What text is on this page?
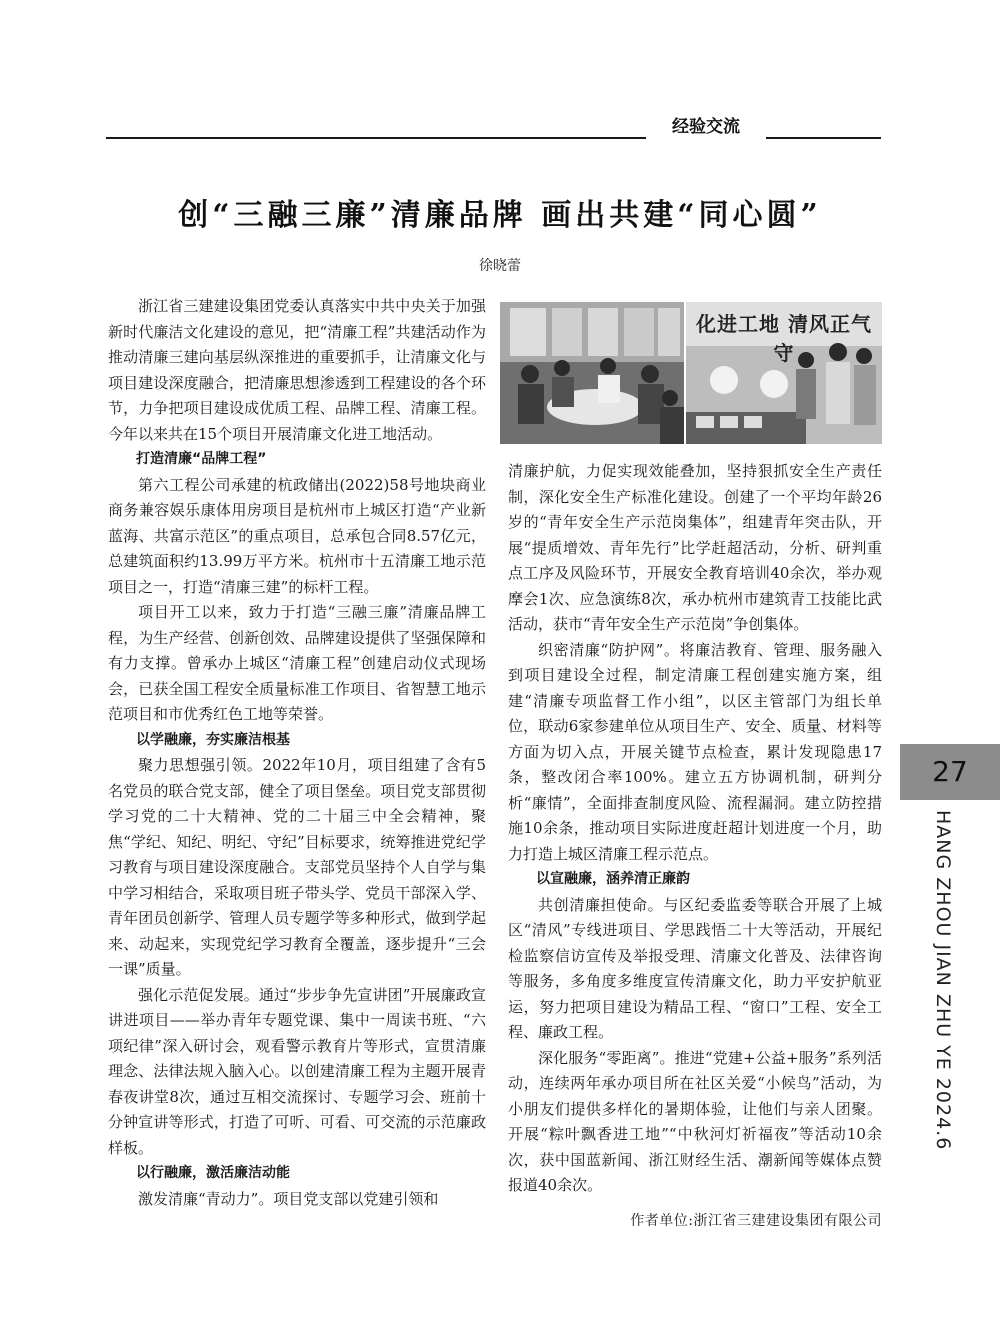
经验交流
创“三融三廉”清廉品牌 画出共建“同心圆”
徐晓蕾

浙江省三建建设集团党委认真落实中共中央关于加强新时代廉洁文化建设的意见，把“清廉工程”共建活动作为推动清廉三建向基层纵深推进的重要抓手，让清廉文化与项目建设深度融合，把清廉思想渗透到工程建设的各个环节，力争把项目建设成优质工程、品牌工程、清廉工程。今年以来共在15个项目开展清廉文化进工地活动。

打造清廉“品牌工程”

第六工程公司承建的杭政储出(2022)58号地块商业商务兼容娱乐康体用房项目是杭州市上城区打造“产业新蓝海、共富示范区”的重点项目，总承包合同8.57亿元，总建筑面积约13.99万平方米。杭州市十五清廉工地示范项目之一，打造“清廉三建”的标杆工程。

项目开工以来，致力于打造“三融三廉”清廉品牌工程，为生产经营、创新创效、品牌建设提供了坚强保障和有力支撑。曾承办上城区“清廉工程”创建启动仪式现场会，已获全国工程安全质量标准工作项目、省智慧工地示范项目和市优秀红色工地等荣誉。

以学融廉，夯实廉洁根基

聚力思想强引领。2022年10月，项目组建了含有5名党员的联合党支部，健全了项目堡垒。项目党支部贯彻学习党的二十大精神、党的二十届三中全会精神，聚焦“学纪、知纪、明纪、守纪”目标要求，统筹推进党纪学习教育与项目建设深度融合。支部党员坚持个人自学与集中学习相结合，采取项目班子带头学、党员干部深入学、青年团员创新学、管理人员专题学等多种形式，做到学起来、动起来，实现党纪学习教育全覆盖，逐步提升“三会一课”质量。

强化示范促发展。通过“步步争先宣讲团”开展廉政宣讲进项目——举办青年专题党课、集中一周读书班、“六项纪律”深入研讨会，观看警示教育片等形式，宣贯清廉理念、法律法规入脑入心。以创建清廉工程为主题开展青春夜讲堂8次，通过互相交流探讨、专题学习会、班前十分钟宣讲等形式，打造了可听、可看、可交流的示范廉政样板。

以行融廉，激活廉洁动能

激发清廉“青动力”。项目党支部以党建引领和

化进工地 清风正气守

清廉护航，力促实现效能叠加，坚持狠抓安全生产责任制，深化安全生产标准化建设。创建了一个平均年龄26岁的“青年安全生产示范岗集体”，组建青年突击队，开展“提质增效、青年先行”比学赶超活动，分析、研判重点工序及风险环节，开展安全教育培训40余次，举办观摩会1次、应急演练8次，承办杭州市建筑青工技能比武活动，获市“青年安全生产示范岗”争创集体。

织密清廉“防护网”。将廉洁教育、管理、服务融入到项目建设全过程，制定清廉工程创建实施方案，组建“清廉专项监督工作小组”，以区主管部门为组长单位，联动6家参建单位从项目生产、安全、质量、材料等方面为切入点，开展关键节点检查，累计发现隐患17条，整改闭合率100%。建立五方协调机制，研判分析“廉情”，全面排查制度风险、流程漏洞。建立防控措施10余条，推动项目实际进度赶超计划进度一个月，助力打造上城区清廉工程示范点。

以宣融廉，涵养清正廉韵

共创清廉担使命。与区纪委监委等联合开展了上城区“清风”专线进项目、学思践悟二十大等活动，开展纪检监察信访宣传及举报受理、清廉文化普及、法律咨询等服务，多角度多维度宣传清廉文化，助力平安护航亚运，努力把项目建设为精品工程、“窗口”工程、安全工程、廉政工程。

深化服务“零距离”。推进“党建+公益+服务”系列活动，连续两年承办项目所在社区关爱“小候鸟”活动，为小朋友们提供多样化的暑期体验，让他们与亲人团聚。开展“粽叶飘香进工地”“中秋河灯祈福夜”等活动10余次，获中国蓝新闻、浙江财经生活、潮新闻等媒体点赞报道40余次。

作者单位:浙江省三建建设集团有限公司
27
HANG ZHOU JIAN ZHU YE 2024.6
